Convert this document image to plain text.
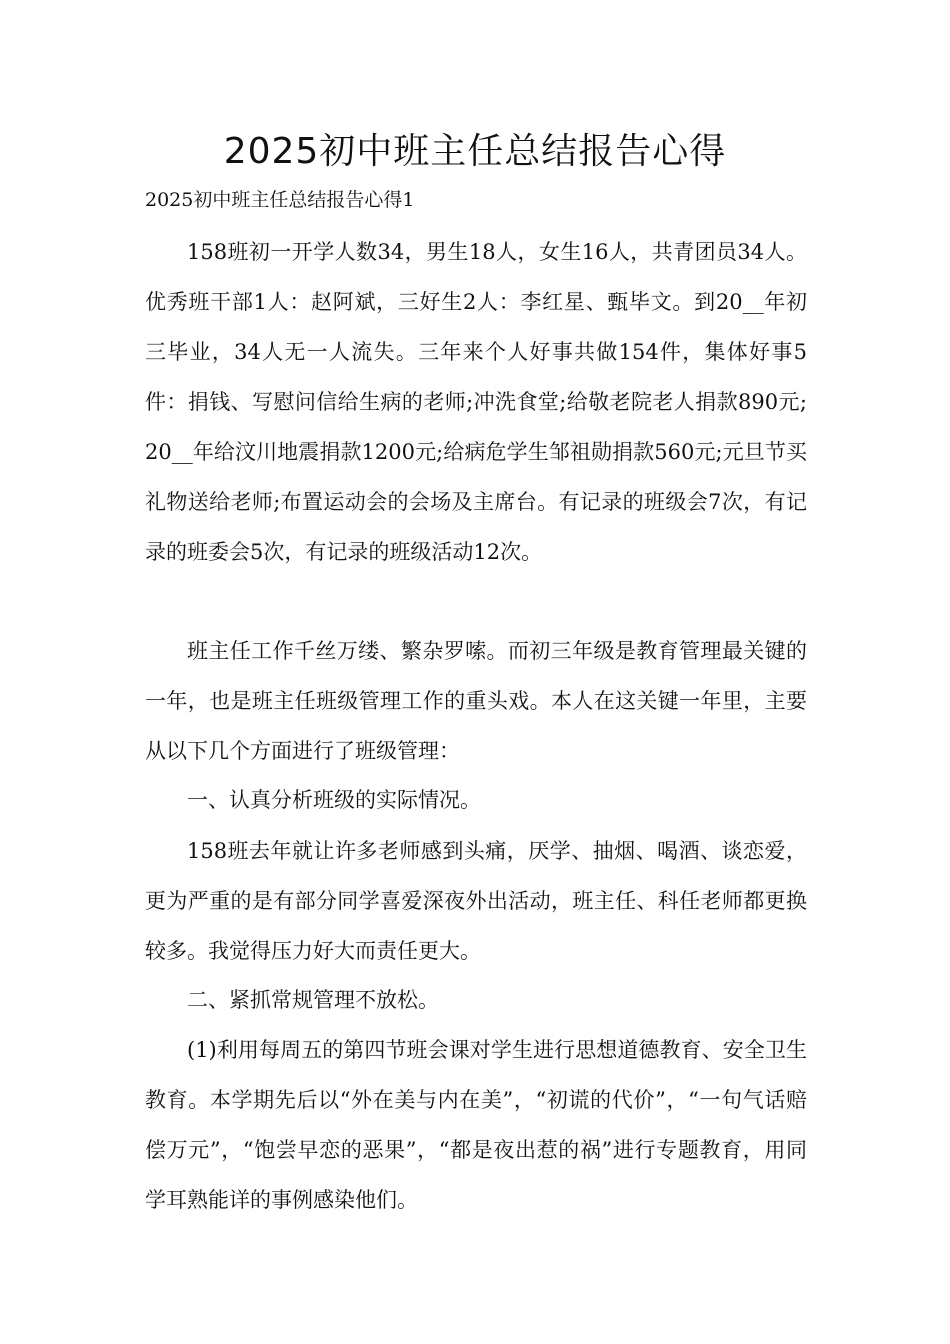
2025初中班主任总结报告心得

2025初中班主任总结报告心得1

158班初一开学人数34，男生18人，女生16人，共青团员34人。优秀班干部1人：赵阿斌，三好生2人：李红星、甄毕文。到20__年初三毕业，34人无一人流失。三年来个人好事共做154件，集体好事5件：捐钱、写慰问信给生病的老师;冲洗食堂;给敬老院老人捐款890元;20__年给汶川地震捐款1200元;给病危学生邹祖勋捐款560元;元旦节买礼物送给老师;布置运动会的会场及主席台。有记录的班级会7次，有记录的班委会5次，有记录的班级活动12次。

班主任工作千丝万缕、繁杂罗嗦。而初三年级是教育管理最关键的一年，也是班主任班级管理工作的重头戏。本人在这关键一年里，主要从以下几个方面进行了班级管理：

一、认真分析班级的实际情况。

158班去年就让许多老师感到头痛，厌学、抽烟、喝酒、谈恋爱，更为严重的是有部分同学喜爱深夜外出活动，班主任、科任老师都更换较多。我觉得压力好大而责任更大。

二、紧抓常规管理不放松。

(1)利用每周五的第四节班会课对学生进行思想道德教育、安全卫生教育。本学期先后以“外在美与内在美”，“初谎的代价”，“一句气话赔偿万元”，“饱尝早恋的恶果”，“都是夜出惹的祸”进行专题教育，用同学耳熟能详的事例感染他们。
